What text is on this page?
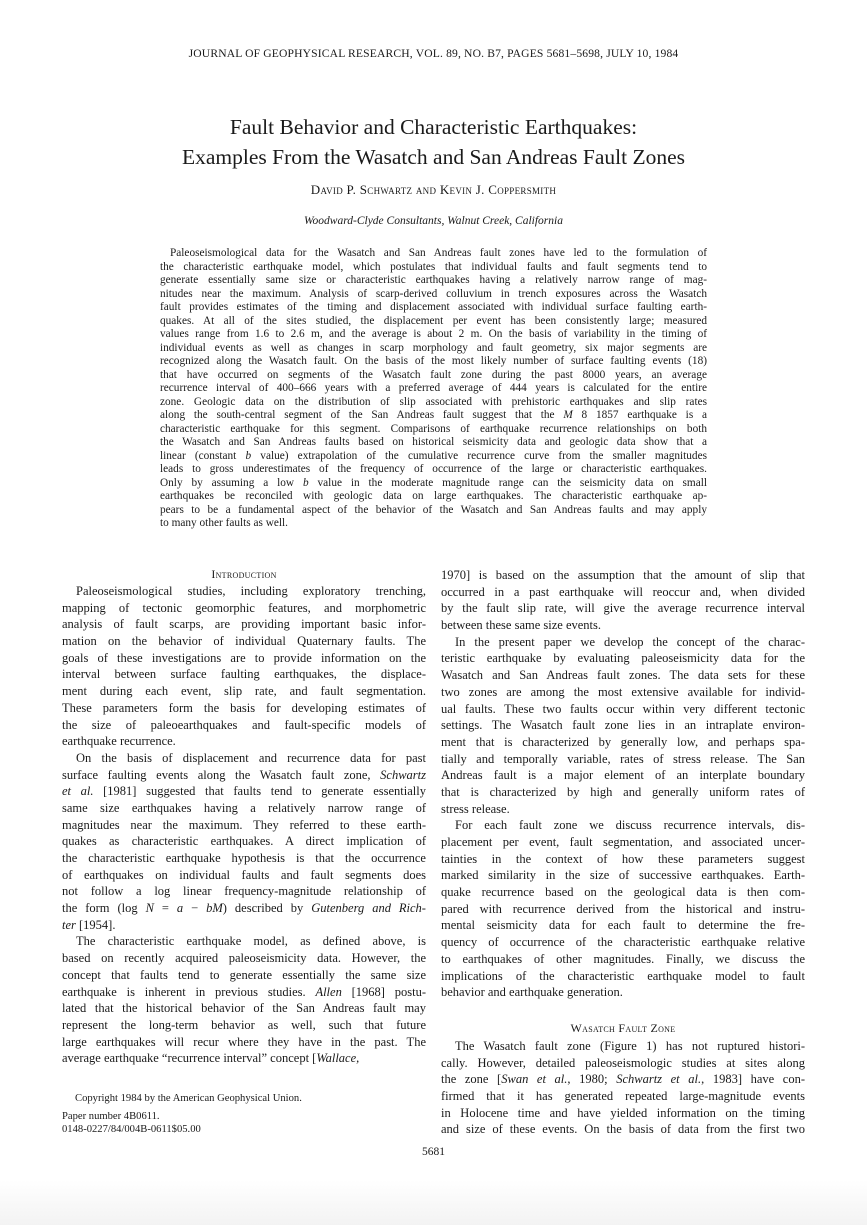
JOURNAL OF GEOPHYSICAL RESEARCH, VOL. 89, NO. B7, PAGES 5681–5698, JULY 10, 1984
Fault Behavior and Characteristic Earthquakes:
Examples From the Wasatch and San Andreas Fault Zones
David P. Schwartz and Kevin J. Coppersmith
Woodward-Clyde Consultants, Walnut Creek, California
Paleoseismological data for the Wasatch and San Andreas fault zones have led to the formulation of
the characteristic earthquake model, which postulates that individual faults and fault segments tend to
generate essentially same size or characteristic earthquakes having a relatively narrow range of mag-
nitudes near the maximum. Analysis of scarp-derived colluvium in trench exposures across the Wasatch
fault provides estimates of the timing and displacement associated with individual surface faulting earth-
quakes. At all of the sites studied, the displacement per event has been consistently large; measured
values range from 1.6 to 2.6 m, and the average is about 2 m. On the basis of variability in the timing of
individual events as well as changes in scarp morphology and fault geometry, six major segments are
recognized along the Wasatch fault. On the basis of the most likely number of surface faulting events (18)
that have occurred on segments of the Wasatch fault zone during the past 8000 years, an average
recurrence interval of 400–666 years with a preferred average of 444 years is calculated for the entire
zone. Geologic data on the distribution of slip associated with prehistoric earthquakes and slip rates
along the south-central segment of the San Andreas fault suggest that the M 8 1857 earthquake is a
characteristic earthquake for this segment. Comparisons of earthquake recurrence relationships on both
the Wasatch and San Andreas faults based on historical seismicity data and geologic data show that a
linear (constant b value) extrapolation of the cumulative recurrence curve from the smaller magnitudes
leads to gross underestimates of the frequency of occurrence of the large or characteristic earthquakes.
Only by assuming a low b value in the moderate magnitude range can the seismicity data on small
earthquakes be reconciled with geologic data on large earthquakes. The characteristic earthquake ap-
pears to be a fundamental aspect of the behavior of the Wasatch and San Andreas faults and may apply
to many other faults as well.
Introduction
Paleoseismological studies, including exploratory trenching,
mapping of tectonic geomorphic features, and morphometric
analysis of fault scarps, are providing important basic infor-
mation on the behavior of individual Quaternary faults. The
goals of these investigations are to provide information on the
interval between surface faulting earthquakes, the displace-
ment during each event, slip rate, and fault segmentation.
These parameters form the basis for developing estimates of
the size of paleoearthquakes and fault-specific models of
earthquake recurrence.
On the basis of displacement and recurrence data for past
surface faulting events along the Wasatch fault zone, Schwartz
et al. [1981] suggested that faults tend to generate essentially
same size earthquakes having a relatively narrow range of
magnitudes near the maximum. They referred to these earth-
quakes as characteristic earthquakes. A direct implication of
the characteristic earthquake hypothesis is that the occurrence
of earthquakes on individual faults and fault segments does
not follow a log linear frequency-magnitude relationship of
the form (log N = a − bM) described by Gutenberg and Rich-
ter [1954].
The characteristic earthquake model, as defined above, is
based on recently acquired paleoseismicity data. However, the
concept that faults tend to generate essentially the same size
earthquake is inherent in previous studies. Allen [1968] postu-
lated that the historical behavior of the San Andreas fault may
represent the long-term behavior as well, such that future
large earthquakes will recur where they have in the past. The
average earthquake “recurrence interval” concept [Wallace,
1970] is based on the assumption that the amount of slip that
occurred in a past earthquake will reoccur and, when divided
by the fault slip rate, will give the average recurrence interval
between these same size events.
In the present paper we develop the concept of the charac-
teristic earthquake by evaluating paleoseismicity data for the
Wasatch and San Andreas fault zones. The data sets for these
two zones are among the most extensive available for individ-
ual faults. These two faults occur within very different tectonic
settings. The Wasatch fault zone lies in an intraplate environ-
ment that is characterized by generally low, and perhaps spa-
tially and temporally variable, rates of stress release. The San
Andreas fault is a major element of an interplate boundary
that is characterized by high and generally uniform rates of
stress release.
For each fault zone we discuss recurrence intervals, dis-
placement per event, fault segmentation, and associated uncer-
tainties in the context of how these parameters suggest
marked similarity in the size of successive earthquakes. Earth-
quake recurrence based on the geological data is then com-
pared with recurrence derived from the historical and instru-
mental seismicity data for each fault to determine the fre-
quency of occurrence of the characteristic earthquake relative
to earthquakes of other magnitudes. Finally, we discuss the
implications of the characteristic earthquake model to fault
behavior and earthquake generation.
Wasatch Fault Zone
The Wasatch fault zone (Figure 1) has not ruptured histori-
cally. However, detailed paleoseismologic studies at sites along
the zone [Swan et al., 1980; Schwartz et al., 1983] have con-
firmed that it has generated repeated large-magnitude events
in Holocene time and have yielded information on the timing
and size of these events. On the basis of data from the first two
Copyright 1984 by the American Geophysical Union.
Paper number 4B0611.
0148-0227/84/004B-0611$05.00
5681
